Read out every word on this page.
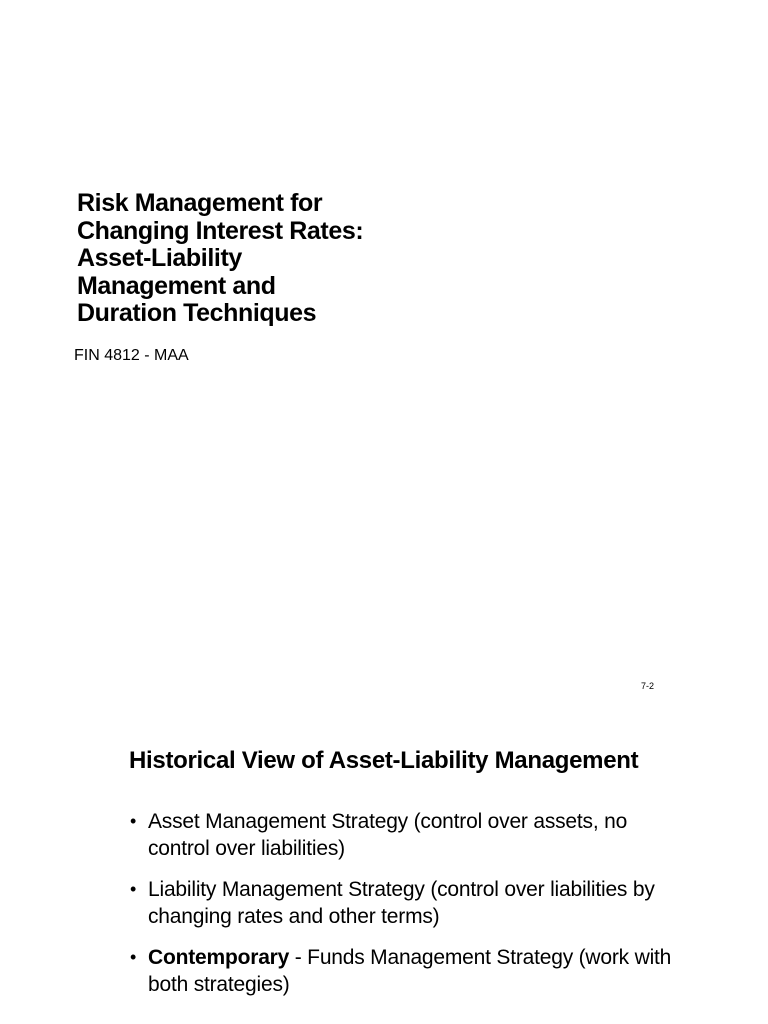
Risk Management for Changing Interest Rates: Asset-Liability Management and Duration Techniques

FIN 4812 - MAA

7-2
Historical View of Asset-Liability Management
• Asset Management Strategy (control over assets, no control over liabilities)
• Liability Management Strategy (control over liabilities by changing rates and other terms)
• Contemporary - Funds Management Strategy (work with both strategies)
